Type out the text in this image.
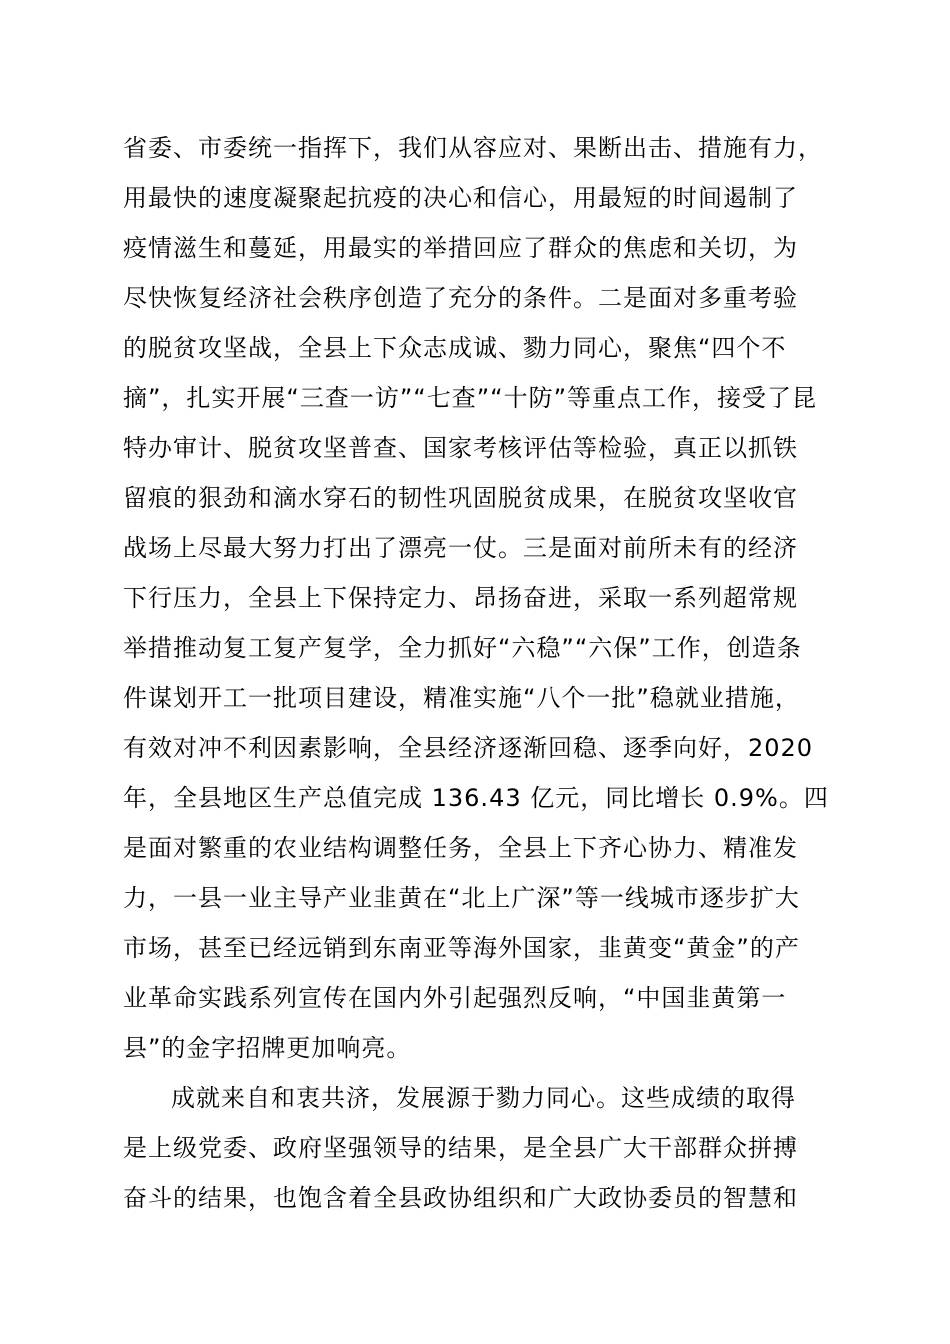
省委、市委统一指挥下，我们从容应对、果断出击、措施有力，
用最快的速度凝聚起抗疫的决心和信心，用最短的时间遏制了
疫情滋生和蔓延，用最实的举措回应了群众的焦虑和关切，为
尽快恢复经济社会秩序创造了充分的条件。二是面对多重考验
的脱贫攻坚战，全县上下众志成诚、勠力同心，聚焦“四个不
摘”，扎实开展“三查一访”“七查”“十防”等重点工作，接受了昆
特办审计、脱贫攻坚普查、国家考核评估等检验，真正以抓铁
留痕的狠劲和滴水穿石的韧性巩固脱贫成果，在脱贫攻坚收官
战场上尽最大努力打出了漂亮一仗。三是面对前所未有的经济
下行压力，全县上下保持定力、昂扬奋进，采取一系列超常规
举措推动复工复产复学，全力抓好“六稳”“六保”工作，创造条
件谋划开工一批项目建设，精准实施“八个一批”稳就业措施，
有效对冲不利因素影响，全县经济逐渐回稳、逐季向好，2020
年，全县地区生产总值完成 136.43 亿元，同比增长 0.9%。四
是面对繁重的农业结构调整任务，全县上下齐心协力、精准发
力，一县一业主导产业韭黄在“北上广深”等一线城市逐步扩大
市场，甚至已经远销到东南亚等海外国家，韭黄变“黄金”的产
业革命实践系列宣传在国内外引起强烈反响，“中国韭黄第一
县”的金字招牌更加响亮。
成就来自和衷共济，发展源于勠力同心。这些成绩的取得
是上级党委、政府坚强领导的结果，是全县广大干部群众拼搏
奋斗的结果，也饱含着全县政协组织和广大政协委员的智慧和
